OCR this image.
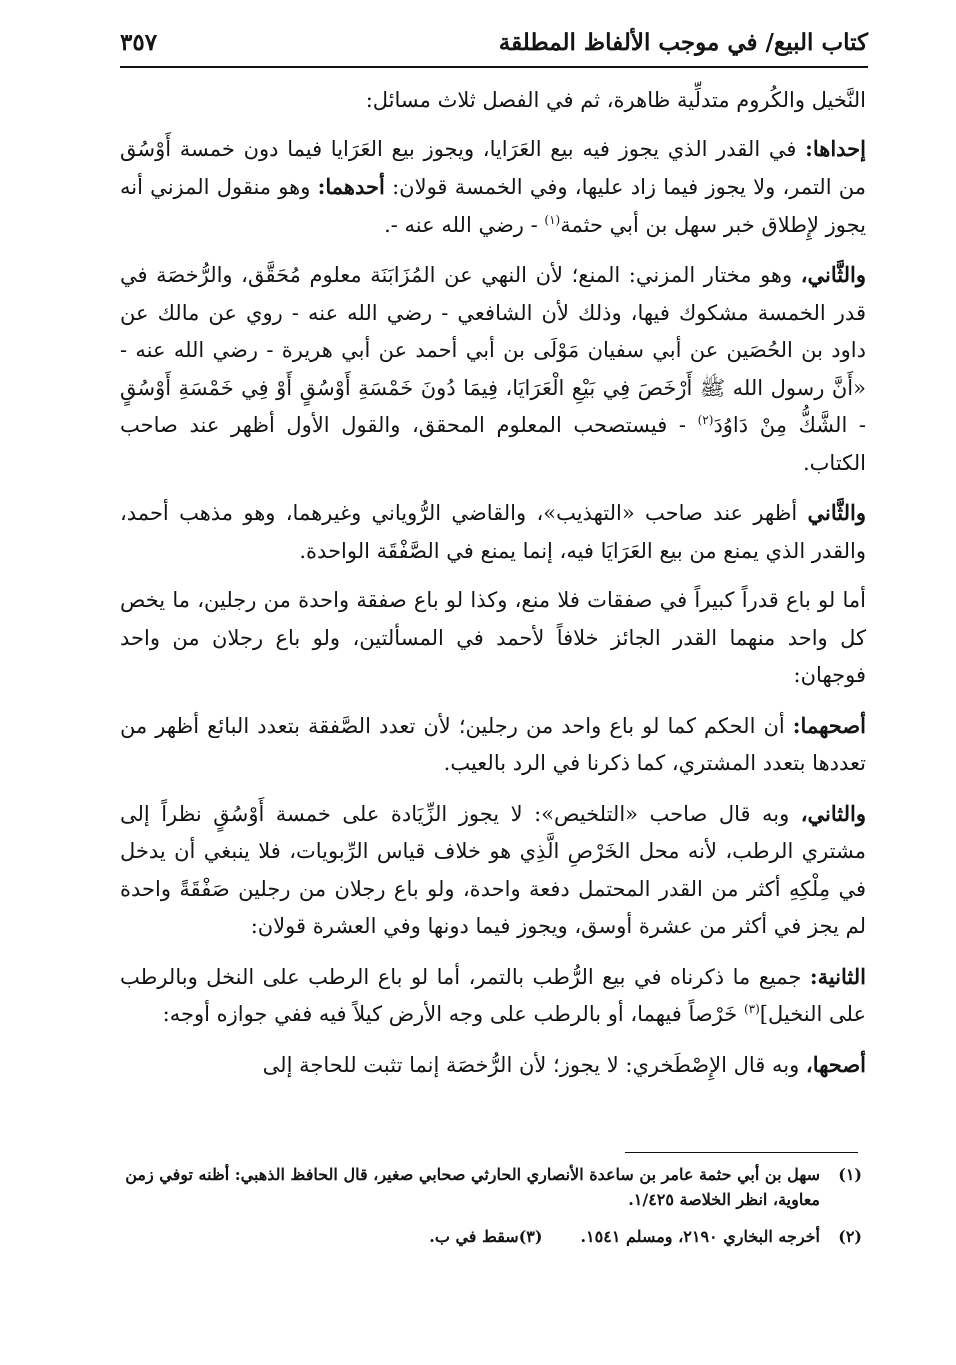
كتاب البيع/ في موجب الألفاظ المطلقة
٣٥٧

النَّخيل والكُروم متدلِّية ظاهرة، ثم في الفصل ثلاث مسائل:

إحداها: في القدر الذي يجوز فيه بيع العَرَايا، ويجوز بيع العَرَايا فيما دون خمسة أَوْسُق من التمر، ولا يجوز فيما زاد عليها، وفي الخمسة قولان: أحدهما: وهو منقول المزني أنه يجوز لإِطلاق خبر سهل بن أبي حثمة$^{(١)}$ - رضي الله عنه -.

والثَّاني، وهو مختار المزني: المنع؛ لأن النهي عن المُزَابَنَة معلوم مُحَقَّق، والرُّخصَة في قدر الخمسة مشكوك فيها، وذلك لأن الشافعي - رضي الله عنه - روي عن مالك عن داود بن الحُصَين عن أبي سفيان مَوْلَى بن أبي أحمد عن أبي هريرة - رضي الله عنه - «أَنَّ رسول الله ﷺ أَرْخَصَ فِي بَيْعِ الْعَرَايَا، فِيمَا دُونَ خَمْسَةِ أَوْسُقٍ أَوْ فِي خَمْسَةِ أَوْسُقٍ - الشَّكُّ مِنْ دَاوُدَ$^{(٢)}$ - فيستصحب المعلوم المحقق، والقول الأول أظهر عند صاحب الكتاب.

والثَّاني أظهر عند صاحب «التهذيب»، والقاضي الرُّوياني وغيرهما، وهو مذهب أحمد، والقدر الذي يمنع من بيع العَرَايَا فيه، إنما يمنع في الصَّفْقَة الواحدة.

أما لو باع قدراً كبيراً في صفقات فلا منع، وكذا لو باع صفقة واحدة من رجلين، ما يخص كل واحد منهما القدر الجائز خلافاً لأحمد في المسألتين، ولو باع رجلان من واحد فوجهان:

أصحهما: أن الحكم كما لو باع واحد من رجلين؛ لأن تعدد الصَّفقة بتعدد البائع أظهر من تعددها بتعدد المشتري، كما ذكرنا في الرد بالعيب.

والثاني، وبه قال صاحب «التلخيص»: لا يجوز الزِّيَادة على خمسة أَوْسُقٍ نظراً إلى مشتري الرطب، لأنه محل الخَرْصِ الَّذِي هو خلاف قياس الرِّبويات، فلا ينبغي أن يدخل في مِلْكِهِ أكثر من القدر المحتمل دفعة واحدة، ولو باع رجلان من رجلين صَفْقَةً واحدة لم يجز في أكثر من عشرة أوسق، ويجوز فيما دونها وفي العشرة قولان:

الثانية: جميع ما ذكرناه في بيع الرُّطب بالتمر، أما لو باع الرطب على النخل وبالرطب على النخيل]$^{(٣)}$ خَرْصاً فيهما، أو بالرطب على وجه الأرض كيلاً فيه ففي جوازه أوجه:

أصحها، وبه قال الإِصْطَخري: لا يجوز؛ لأن الرُّخصَة إنما تثبت للحاجة إلى

(١)
سهل بن أبي حثمة عامر بن ساعدة الأنصاري الحارثي صحابي صغير، قال الحافظ الذهبي: أظنه توفي زمن معاوية، انظر الخلاصة ١/٤٢٥.
(٢)
أخرجه البخاري ٢١٩٠، ومسلم ١٥٤١.
(٣)
سقط في ب.
